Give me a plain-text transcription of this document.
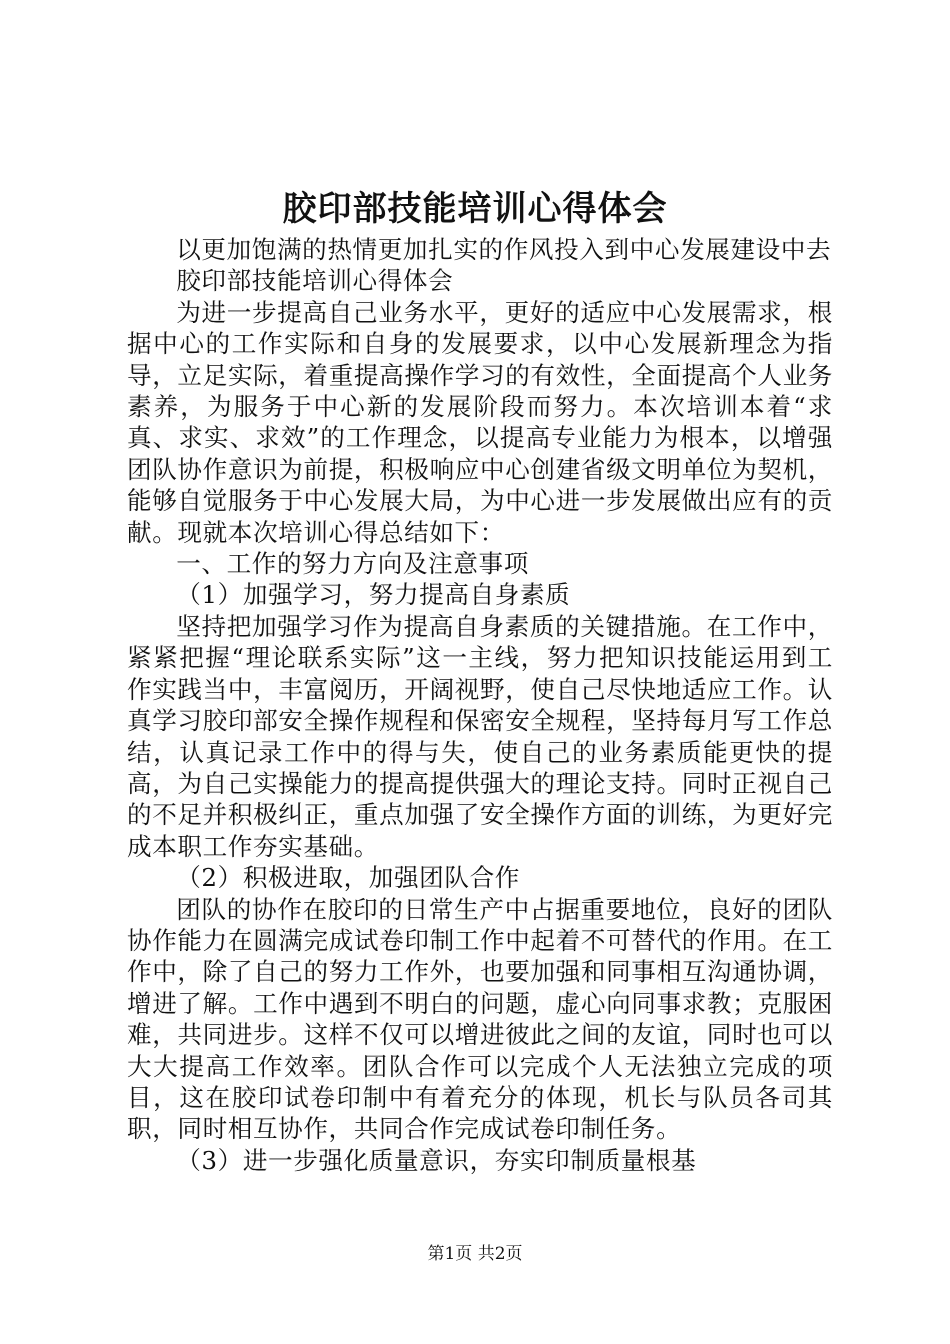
胶印部技能培训心得体会

以更加饱满的热情更加扎实的作风投入到中心发展建设中去

胶印部技能培训心得体会

为进一步提高自己业务水平，更好的适应中心发展需求，根据中心的工作实际和自身的发展要求，以中心发展新理念为指导，立足实际，着重提高操作学习的有效性，全面提高个人业务素养，为服务于中心新的发展阶段而努力。本次培训本着“求真、求实、求效”的工作理念，以提高专业能力为根本，以增强团队协作意识为前提，积极响应中心创建省级文明单位为契机，能够自觉服务于中心发展大局，为中心进一步发展做出应有的贡献。现就本次培训心得总结如下：

一、工作的努力方向及注意事项

（1）加强学习，努力提高自身素质

坚持把加强学习作为提高自身素质的关键措施。在工作中，紧紧把握“理论联系实际”这一主线，努力把知识技能运用到工作实践当中，丰富阅历，开阔视野，使自己尽快地适应工作。认真学习胶印部安全操作规程和保密安全规程，坚持每月写工作总结，认真记录工作中的得与失，使自己的业务素质能更快的提高，为自己实操能力的提高提供强大的理论支持。同时正视自己的不足并积极纠正，重点加强了安全操作方面的训练，为更好完成本职工作夯实基础。

（2）积极进取，加强团队合作

团队的协作在胶印的日常生产中占据重要地位，良好的团队协作能力在圆满完成试卷印制工作中起着不可替代的作用。在工作中，除了自己的努力工作外，也要加强和同事相互沟通协调，增进了解。工作中遇到不明白的问题，虚心向同事求教；克服困难，共同进步。这样不仅可以增进彼此之间的友谊，同时也可以大大提高工作效率。团队合作可以完成个人无法独立完成的项目，这在胶印试卷印制中有着充分的体现，机长与队员各司其职，同时相互协作，共同合作完成试卷印制任务。

（3）进一步强化质量意识，夯实印制质量根基

第1页 共2页
